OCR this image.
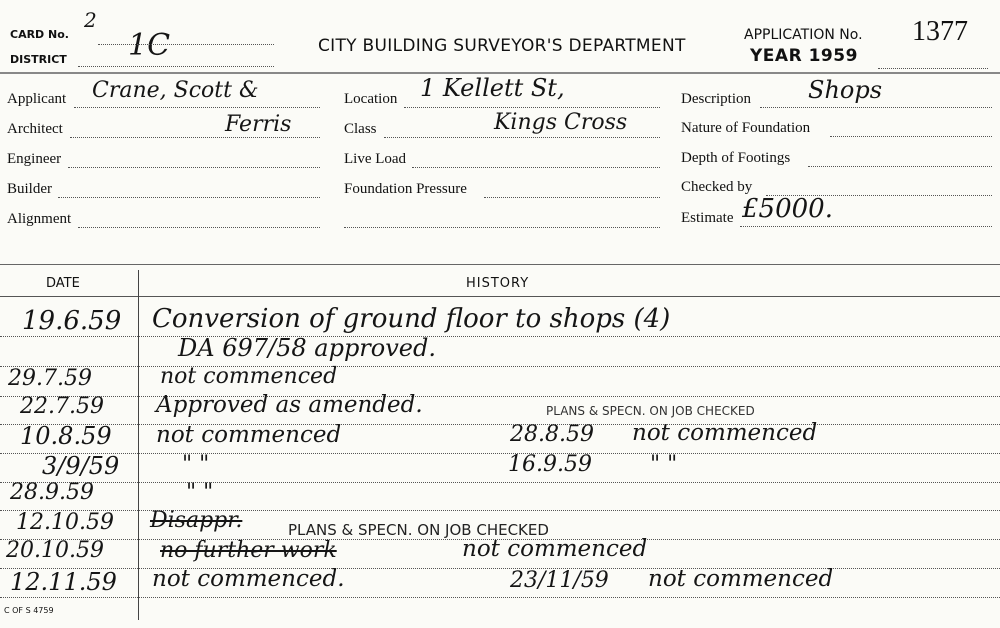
CARD No.
2
DISTRICT 1C	CITY BUILDING SURVEYOR'S DEPARTMENT
APPLICATION No. 1377
YEAR 1959
Applicant Crane, Scott &
Architect	Ferris
Engineer
Builder
Alignment
Location 1 Kellett St,
Class	Kings Cross
Live Load
Foundation Pressure
Description Shops
Nature of Foundation
Depth of Footings
Checked by
Estimate £5000.
DATE	HISTORY
19.6.59 Conversion of ground floor to shops (4)
DA 697/58 approved.
29.7.59	not commenced
22.7.59 Approved as amended.	PLANS & SPECN. ON JOB CHECKED
10.8.59 not commenced	28.8.59 not commenced
3/9/59	" "	16.9.59	" "
28.9.59	" "
12.10.59 Disappr.	PLANS & SPECN. ON JOB CHECKED
20.10.59	no further work	not commenced
12.11.59 not commenced.	23/11/59 not commenced
C OF S 4759
